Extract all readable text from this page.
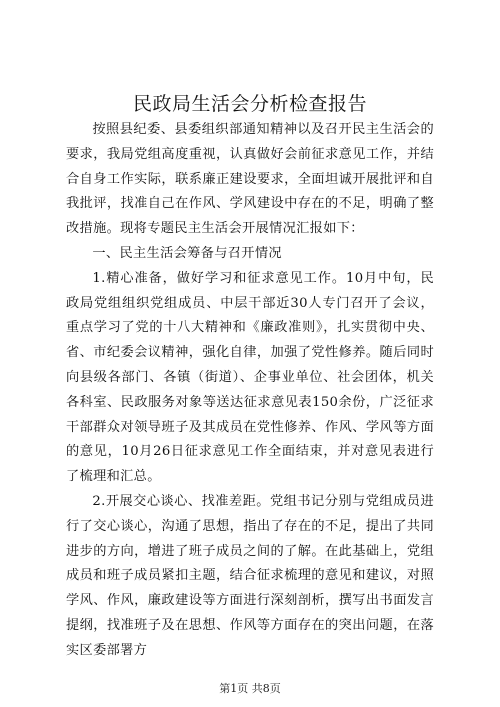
民政局生活会分析检查报告

按照县纪委、县委组织部通知精神以及召开民主生活会的要求，我局党组高度重视，认真做好会前征求意见工作，并结合自身工作实际，联系廉正建设要求，全面坦诚开展批评和自我批评，找准自己在作风、学风建设中存在的不足，明确了整改措施。现将专题民主生活会开展情况汇报如下：

一、民主生活会筹备与召开情况

1.精心准备，做好学习和征求意见工作。10月中旬，民政局党组组织党组成员、中层干部近30人专门召开了会议，重点学习了党的十八大精神和《廉政准则》，扎实贯彻中央、省、市纪委会议精神，强化自律，加强了党性修养。随后同时向县级各部门、各镇（街道）、企事业单位、社会团体，机关各科室、民政服务对象等送达征求意见表150余份，广泛征求干部群众对领导班子及其成员在党性修养、作风、学风等方面的意见，10月26日征求意见工作全面结束，并对意见表进行了梳理和汇总。

2.开展交心谈心、找准差距。党组书记分别与党组成员进行了交心谈心，沟通了思想，指出了存在的不足，提出了共同进步的方向，增进了班子成员之间的了解。在此基础上，党组成员和班子成员紧扣主题，结合征求梳理的意见和建议，对照学风、作风，廉政建设等方面进行深刻剖析，撰写出书面发言提纲，找准班子及在思想、作风等方面存在的突出问题，在落实区委部署方

第1页 共8页
